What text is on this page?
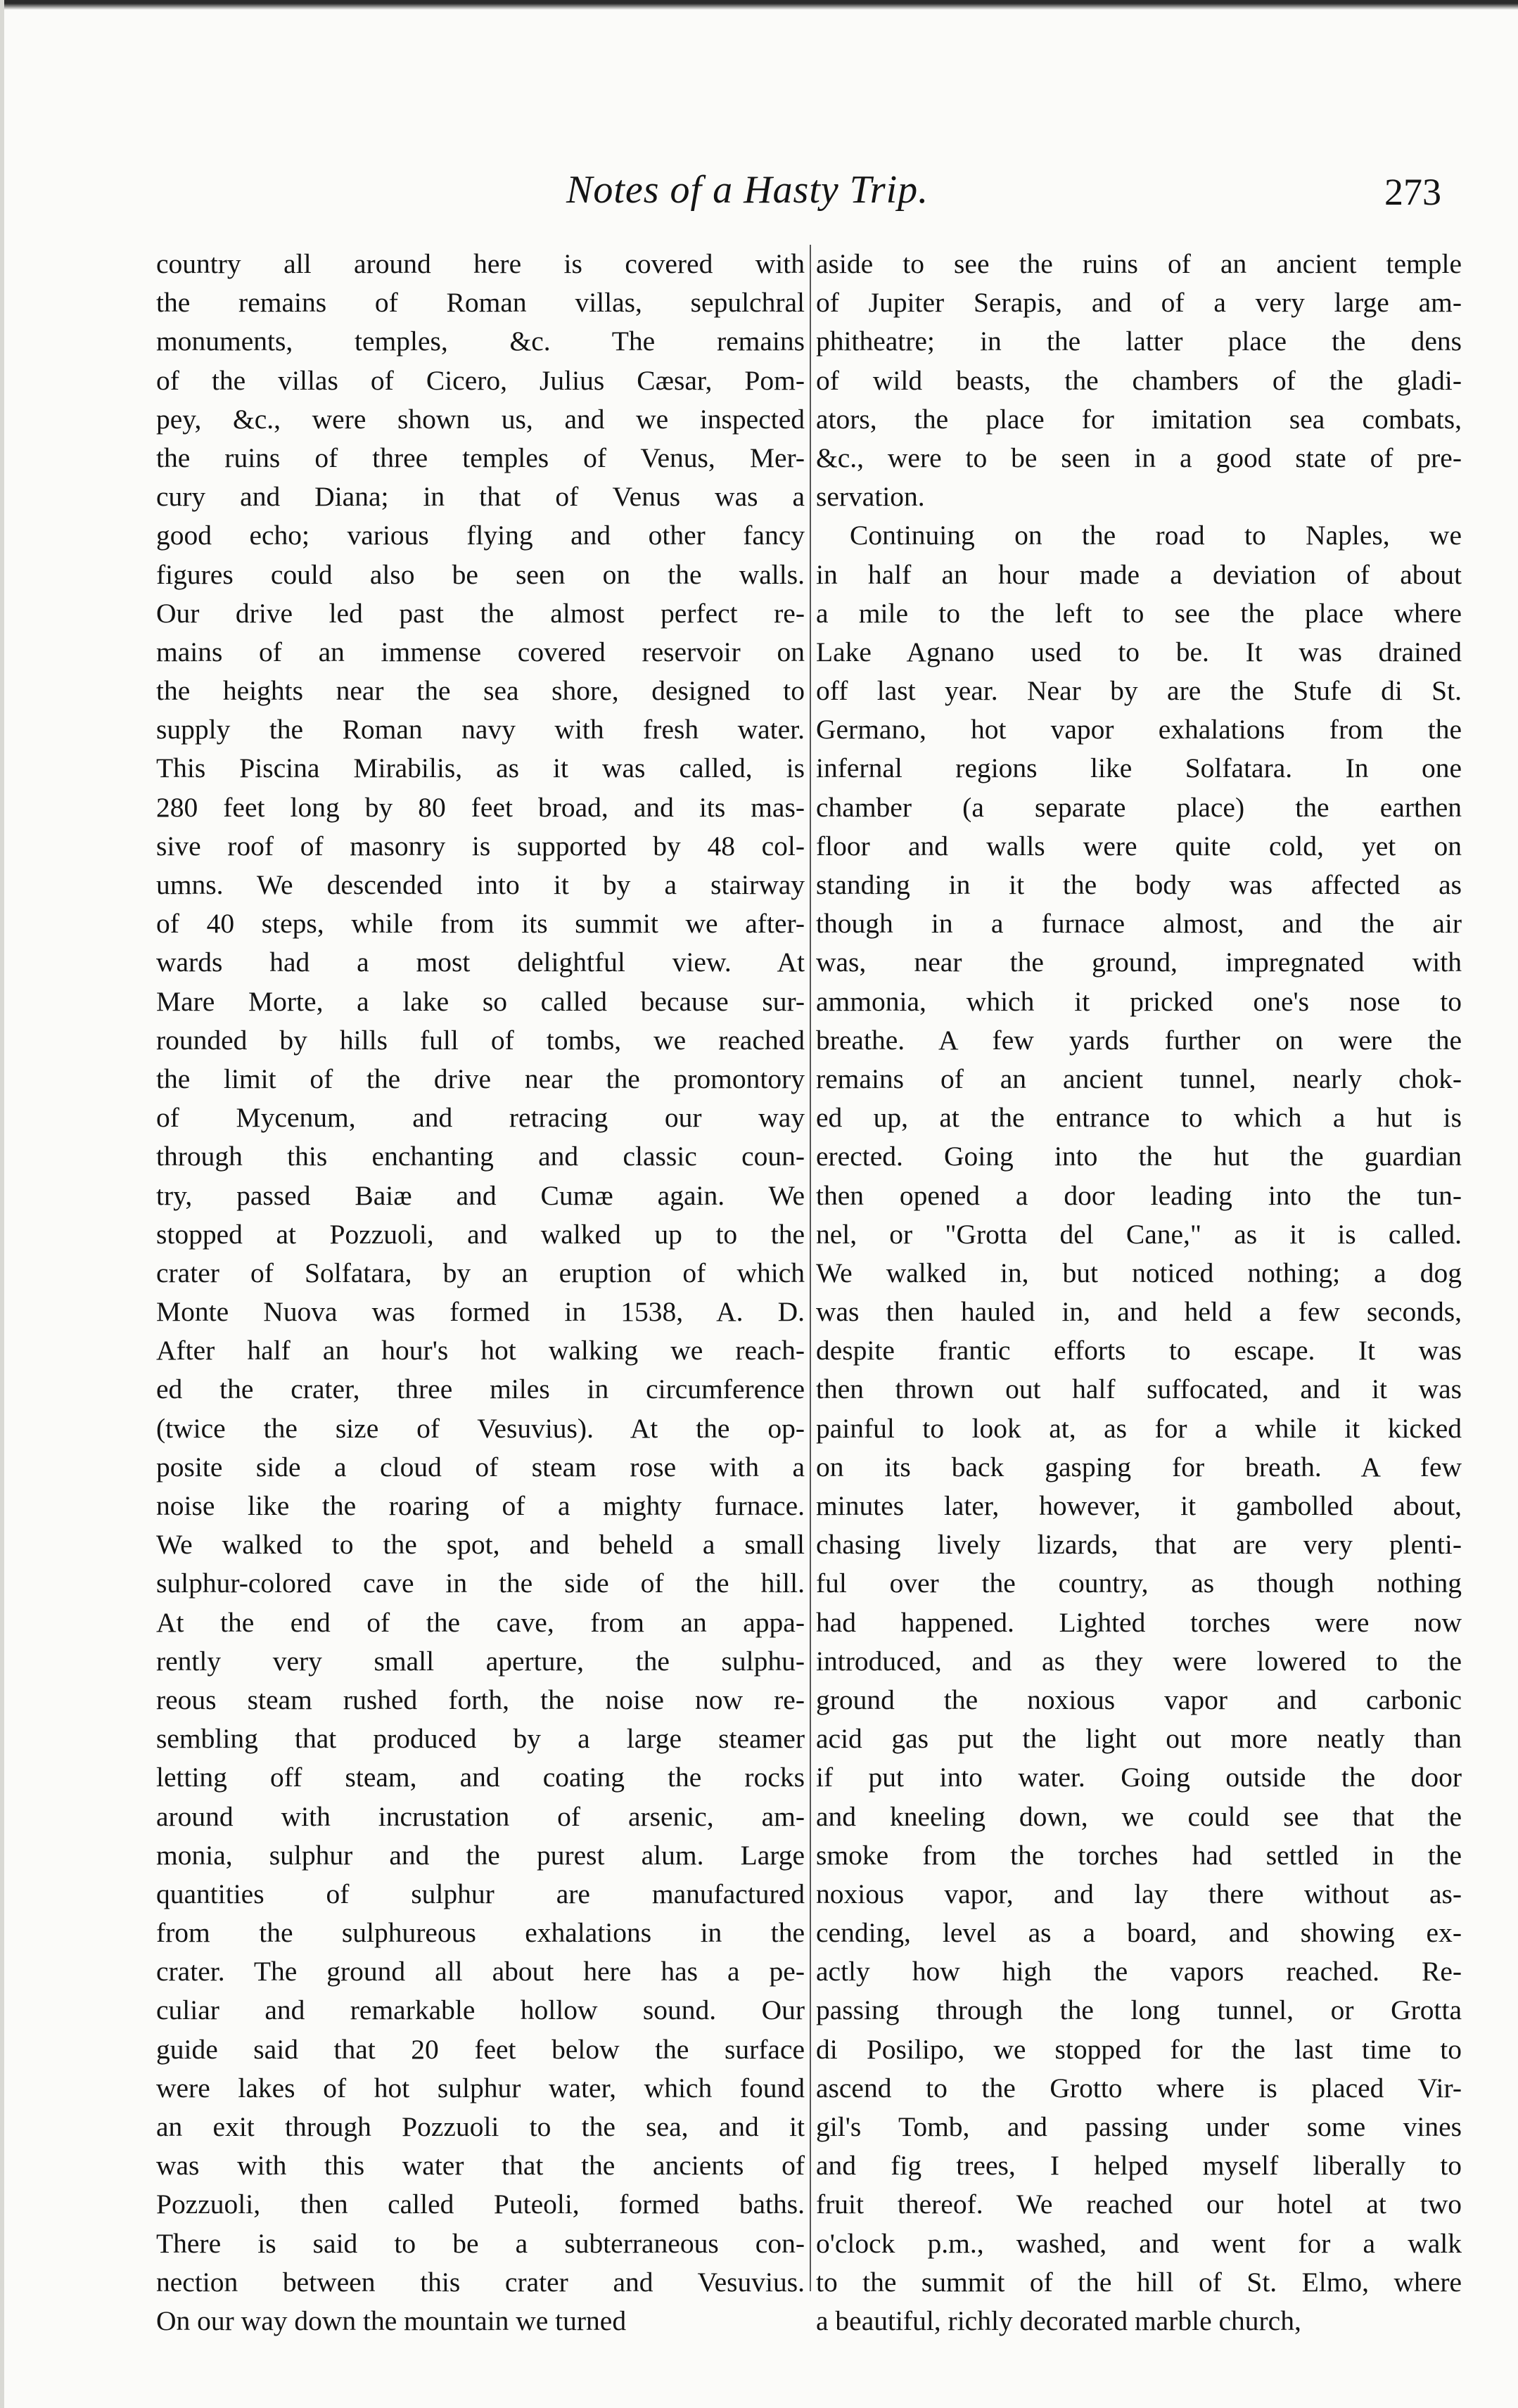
Notes of a Hasty Trip.	273
country all around here is covered with
the remains of Roman villas, sepulchral
monuments, temples, &c. The remains
of the villas of Cicero, Julius Cæsar, Pom-
pey, &c., were shown us, and we inspected
the ruins of three temples of Venus, Mer-
cury and Diana; in that of Venus was a
good echo; various flying and other fancy
figures could also be seen on the walls.
Our drive led past the almost perfect re-
mains of an immense covered reservoir on
the heights near the sea shore, designed to
supply the Roman navy with fresh water.
This Piscina Mirabilis, as it was called, is
280 feet long by 80 feet broad, and its mas-
sive roof of masonry is supported by 48 col-
umns. We descended into it by a stairway
of 40 steps, while from its summit we after-
wards had a most delightful view. At
Mare Morte, a lake so called because sur-
rounded by hills full of tombs, we reached
the limit of the drive near the promontory
of Mycenum, and retracing our way
through this enchanting and classic coun-
try, passed Baiæ and Cumæ again. We
stopped at Pozzuoli, and walked up to the
crater of Solfatara, by an eruption of which
Monte Nuova was formed in 1538, A. D.
After half an hour's hot walking we reach-
ed the crater, three miles in circumference
(twice the size of Vesuvius). At the op-
posite side a cloud of steam rose with a
noise like the roaring of a mighty furnace.
We walked to the spot, and beheld a small
sulphur-colored cave in the side of the hill.
At the end of the cave, from an appa-
rently very small aperture, the sulphu-
reous steam rushed forth, the noise now re-
sembling that produced by a large steamer
letting off steam, and coating the rocks
around with incrustation of arsenic, am-
monia, sulphur and the purest alum. Large
quantities of sulphur are manufactured
from the sulphureous exhalations in the
crater. The ground all about here has a pe-
culiar and remarkable hollow sound. Our
guide said that 20 feet below the surface
were lakes of hot sulphur water, which found
an exit through Pozzuoli to the sea, and it
was with this water that the ancients of
Pozzuoli, then called Puteoli, formed baths.
There is said to be a subterraneous con-
nection between this crater and Vesuvius.
On our way down the mountain we turned
aside to see the ruins of an ancient temple
of Jupiter Serapis, and of a very large am-
phitheatre; in the latter place the dens
of wild beasts, the chambers of the gladi-
ators, the place for imitation sea combats,
&c., were to be seen in a good state of pre-
servation.
Continuing on the road to Naples, we
in half an hour made a deviation of about
a mile to the left to see the place where
Lake Agnano used to be. It was drained
off last year. Near by are the Stufe di St.
Germano, hot vapor exhalations from the
infernal regions like Solfatara. In one
chamber (a separate place) the earthen
floor and walls were quite cold, yet on
standing in it the body was affected as
though in a furnace almost, and the air
was, near the ground, impregnated with
ammonia, which it pricked one's nose to
breathe. A few yards further on were the
remains of an ancient tunnel, nearly chok-
ed up, at the entrance to which a hut is
erected. Going into the hut the guardian
then opened a door leading into the tun-
nel, or "Grotta del Cane," as it is called.
We walked in, but noticed nothing; a dog
was then hauled in, and held a few seconds,
despite frantic efforts to escape. It was
then thrown out half suffocated, and it was
painful to look at, as for a while it kicked
on its back gasping for breath. A few
minutes later, however, it gambolled about,
chasing lively lizards, that are very plenti-
ful over the country, as though nothing
had happened. Lighted torches were now
introduced, and as they were lowered to the
ground the noxious vapor and carbonic
acid gas put the light out more neatly than
if put into water. Going outside the door
and kneeling down, we could see that the
smoke from the torches had settled in the
noxious vapor, and lay there without as-
cending, level as a board, and showing ex-
actly how high the vapors reached. Re-
passing through the long tunnel, or Grotta
di Posilipo, we stopped for the last time to
ascend to the Grotto where is placed Vir-
gil's Tomb, and passing under some vines
and fig trees, I helped myself liberally to
fruit thereof. We reached our hotel at two
o'clock p.m., washed, and went for a walk
to the summit of the hill of St. Elmo, where
a beautiful, richly decorated marble church,
